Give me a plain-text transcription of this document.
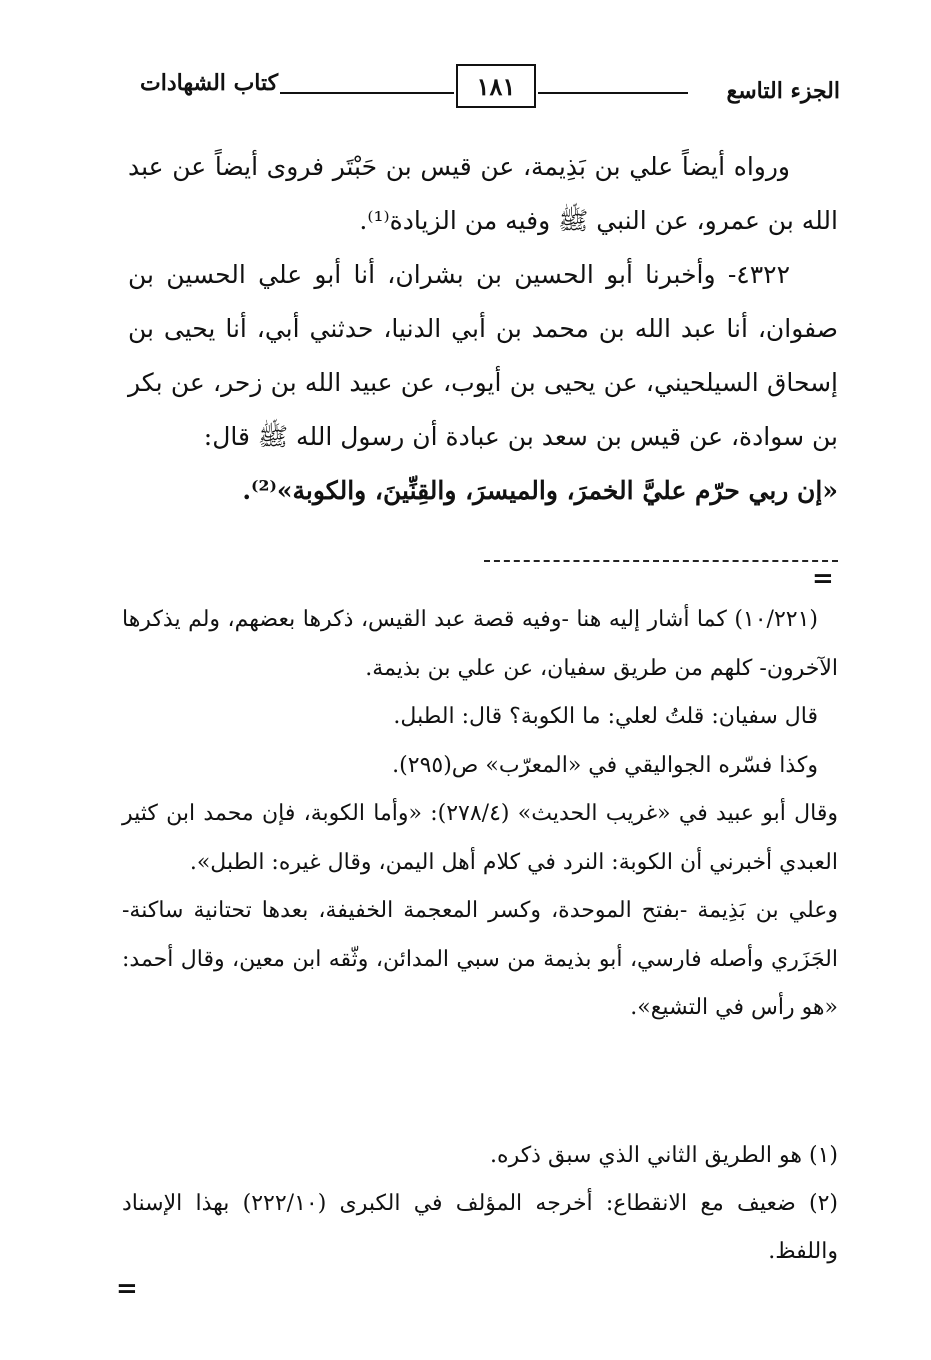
الجزء التاسع
١٨١
كتاب الشهادات

ورواه أيضاً علي بن بَذِيمة، عن قيس بن حَبْتَر فروى أيضاً عن عبد الله بن عمرو، عن النبي ﷺ وفيه من الزيادة⁽¹⁾.

٤٣٢٢- وأخبرنا أبو الحسين بن بشران، أنا أبو علي الحسين بن صفوان، أنا عبد الله بن محمد بن أبي الدنيا، حدثني أبي، أنا يحيى بن إسحاق السيلحيني، عن يحيى بن أيوب، عن عبيد الله بن زحر، عن بكر بن سوادة، عن قيس بن سعد بن عبادة أن رسول الله ﷺ قال:

«إن ربي حرّم عليَّ الخمرَ، والميسرَ، والقِنِّينَ، والكوبة»⁽²⁾.

=

(١٠/٢٢١) كما أشار إليه هنا -وفيه قصة عبد القيس، ذكرها بعضهم، ولم يذكرها الآخرون- كلهم من طريق سفيان، عن علي بن بذيمة.

قال سفيان: قلتُ لعلي: ما الكوبة؟ قال: الطبل.

وكذا فسّره الجواليقي في «المعرّب» ص(٢٩٥).

وقال أبو عبيد في «غريب الحديث» (٢٧٨/٤): «وأما الكوبة، فإن محمد ابن كثير العبدي أخبرني أن الكوبة: النرد في كلام أهل اليمن، وقال غيره: الطبل».

وعلي بن بَذِيمة -بفتح الموحدة، وكسر المعجمة الخفيفة، بعدها تحتانية ساكنة- الجَزَري وأصله فارسي، أبو بذيمة من سبي المدائن، وثّقه ابن معين، وقال أحمد: «هو رأس في التشيع».

(١) هو الطريق الثاني الذي سبق ذكره.

(٢) ضعيف مع الانقطاع: أخرجه المؤلف في الكبرى (٢٢٢/١٠) بهذا الإسناد واللفظ.

=
